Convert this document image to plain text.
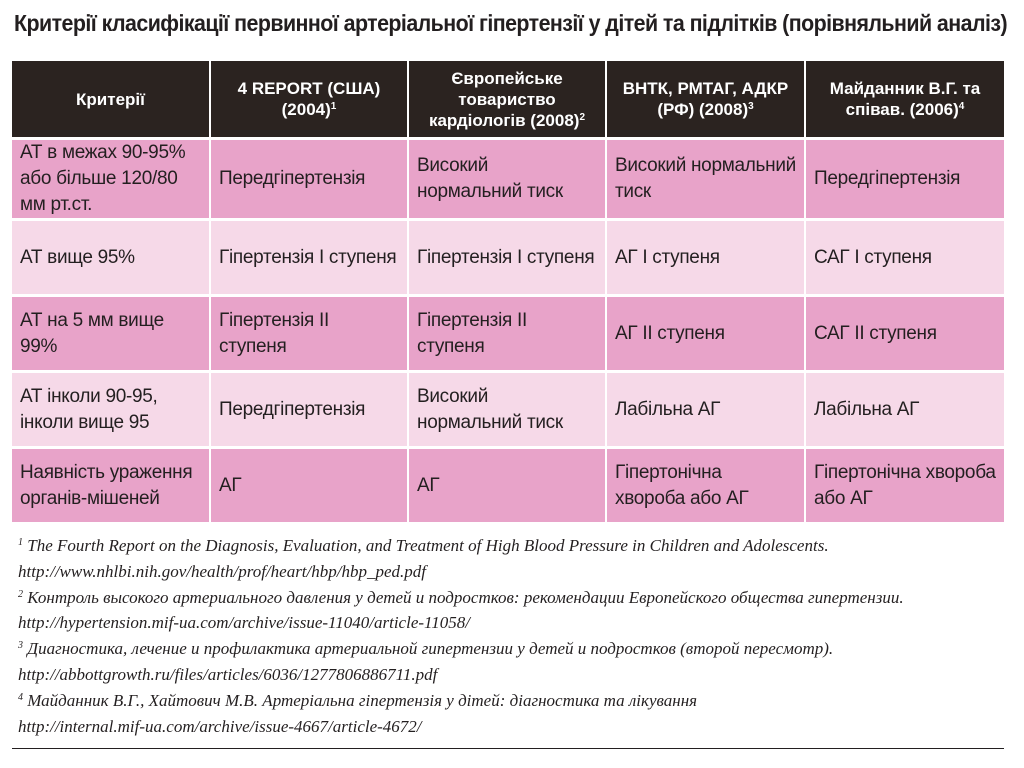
Критерії класифікації первинної артеріальної гіпертензії у дітей та підлітків (порівняльний аналіз)
Критерії	4 REPORT (США) $(2004)^1$	Європейське товариство кардіологів $(2008)^2$	ВНТК, РМТАГ, АДКР (РФ) $(2008)^3$	Майданник В.Г. та співав. $(2006)^4$
АТ в межах 90-95% або більше 120/80 мм рт.ст.	Передгіпертензія	Високий нормальний тиск	Високий нормальний тиск	Передгіпертензія
АТ вище 95%	Гіпертензія I ступеня	Гіпертензія I ступеня	АГ I ступеня	САГ I ступеня
АТ на 5 мм вище 99%	Гіпертензія II ступеня	Гіпертензія II ступеня	АГ II ступеня	САГ II ступеня
АТ інколи 90-95, інколи вище 95	Передгіпертензія	Високий нормальний тиск	Лабільна АГ	Лабільна АГ
Наявність ураження органів-мішеней	АГ	АГ	Гіпертонічна хвороба або АГ	Гіпертонічна хвороба або АГ

$^1$ The Fourth Report on the Diagnosis, Evaluation, and Treatment of High Blood Pressure in Children and Adolescents.

http://www.nhlbi.nih.gov/health/prof/heart/hbp/hbp_ped.pdf

$^2$ Контроль высокого артериального давления у детей и подростков: рекомендации Европейского общества гипертензии.

http://hypertension.mif-ua.com/archive/issue-11040/article-11058/

$^3$ Диагностика, лечение и профилактика артериальной гипертензии у детей и подростков (второй пересмотр).

http://abbottgrowth.ru/files/articles/6036/1277806886711.pdf

$^4$ Майданник В.Г., Хайтович М.В. Артеріальна гіпертензія у дітей: діагностика та лікування

http://internal.mif-ua.com/archive/issue-4667/article-4672/
